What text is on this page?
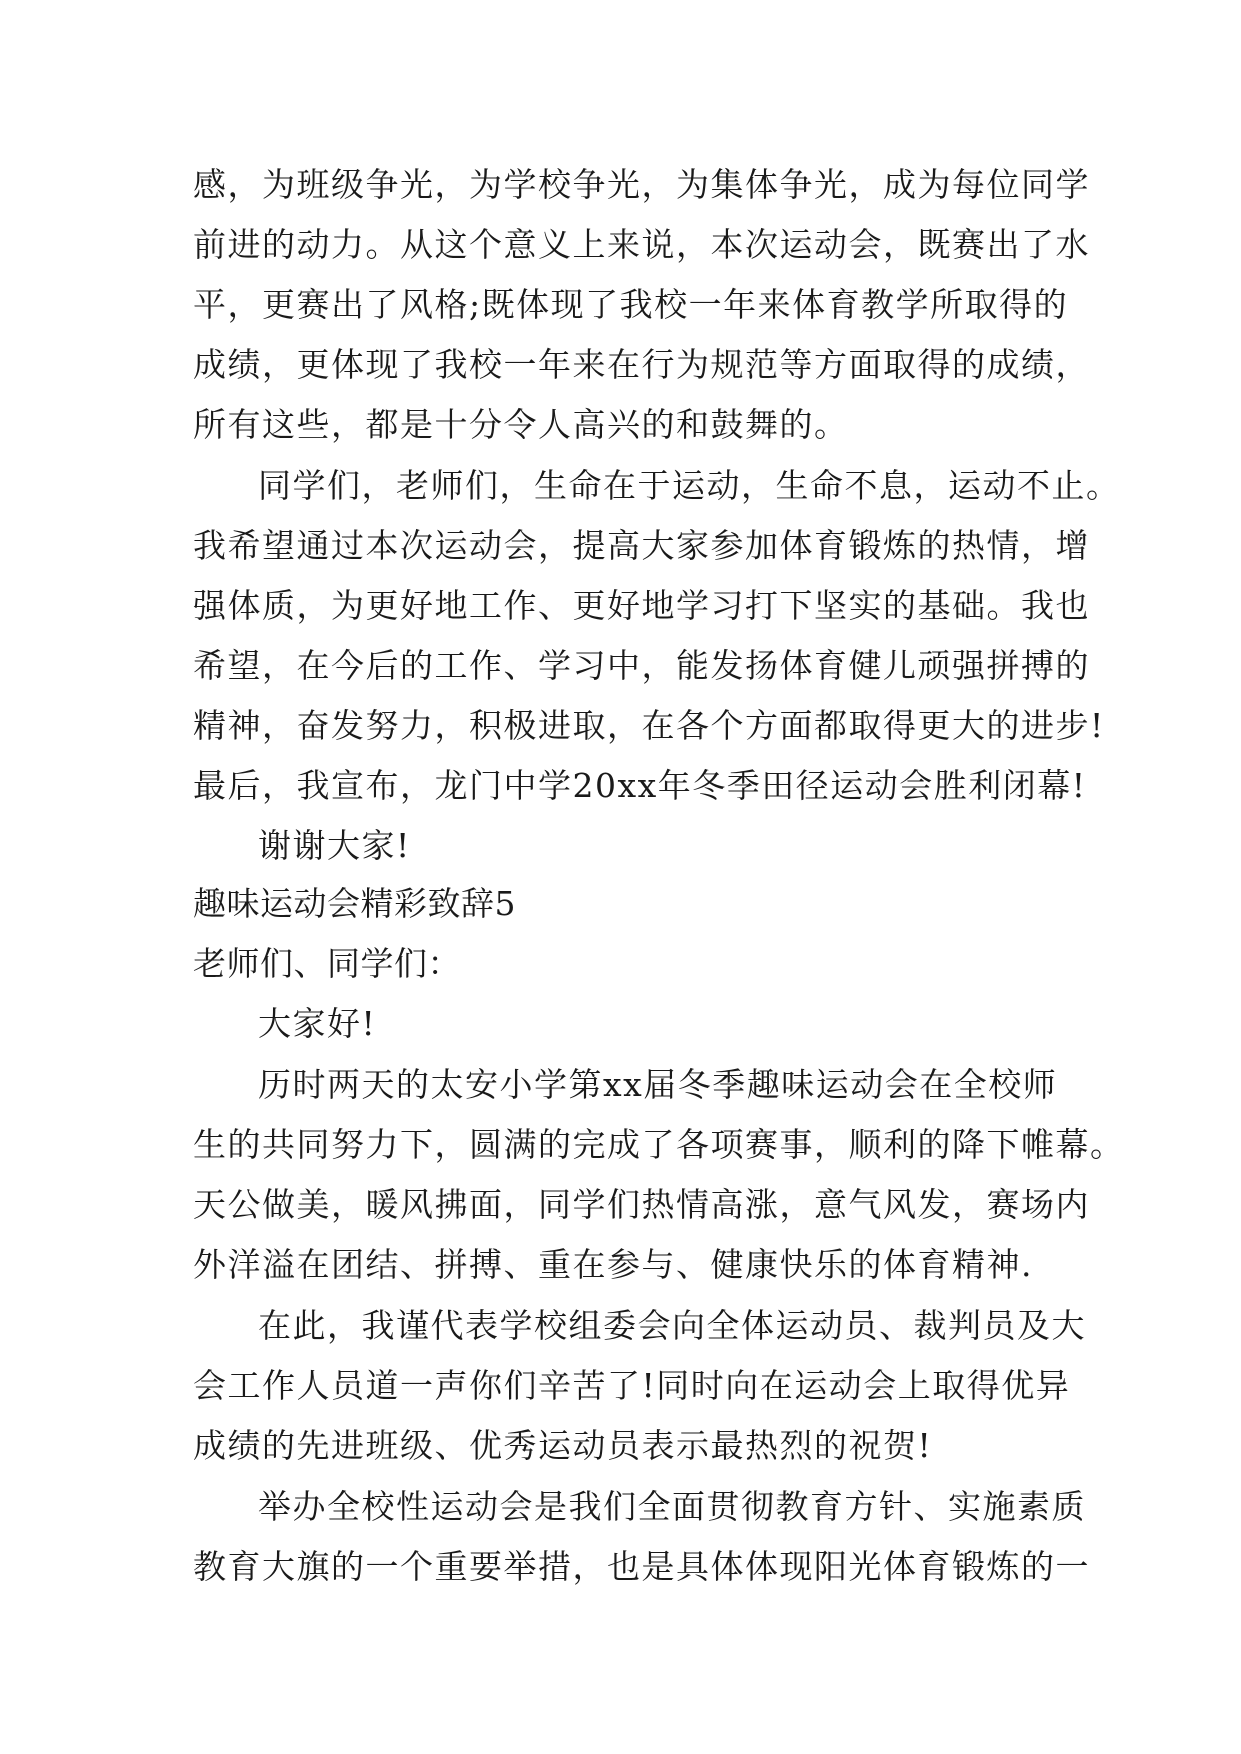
感，为班级争光，为学校争光，为集体争光，成为每位同学
前进的动力。从这个意义上来说，本次运动会，既赛出了水
平，更赛出了风格;既体现了我校一年来体育教学所取得的
成绩，更体现了我校一年来在行为规范等方面取得的成绩，
所有这些，都是十分令人高兴的和鼓舞的。
同学们，老师们，生命在于运动，生命不息，运动不止。
我希望通过本次运动会，提高大家参加体育锻炼的热情，增
强体质，为更好地工作、更好地学习打下坚实的基础。我也
希望，在今后的工作、学习中，能发扬体育健儿顽强拼搏的
精神，奋发努力，积极进取，在各个方面都取得更大的进步!
最后，我宣布，龙门中学20xx年冬季田径运动会胜利闭幕!
谢谢大家!
趣味运动会精彩致辞5
老师们、同学们：
大家好!
历时两天的太安小学第xx届冬季趣味运动会在全校师
生的共同努力下，圆满的完成了各项赛事，顺利的降下帷幕。
天公做美，暖风拂面，同学们热情高涨，意气风发，赛场内
外洋溢在团结、拼搏、重在参与、健康快乐的体育精神.
在此，我谨代表学校组委会向全体运动员、裁判员及大
会工作人员道一声你们辛苦了!同时向在运动会上取得优异
成绩的先进班级、优秀运动员表示最热烈的祝贺!
举办全校性运动会是我们全面贯彻教育方针、实施素质
教育大旗的一个重要举措，也是具体体现阳光体育锻炼的一
